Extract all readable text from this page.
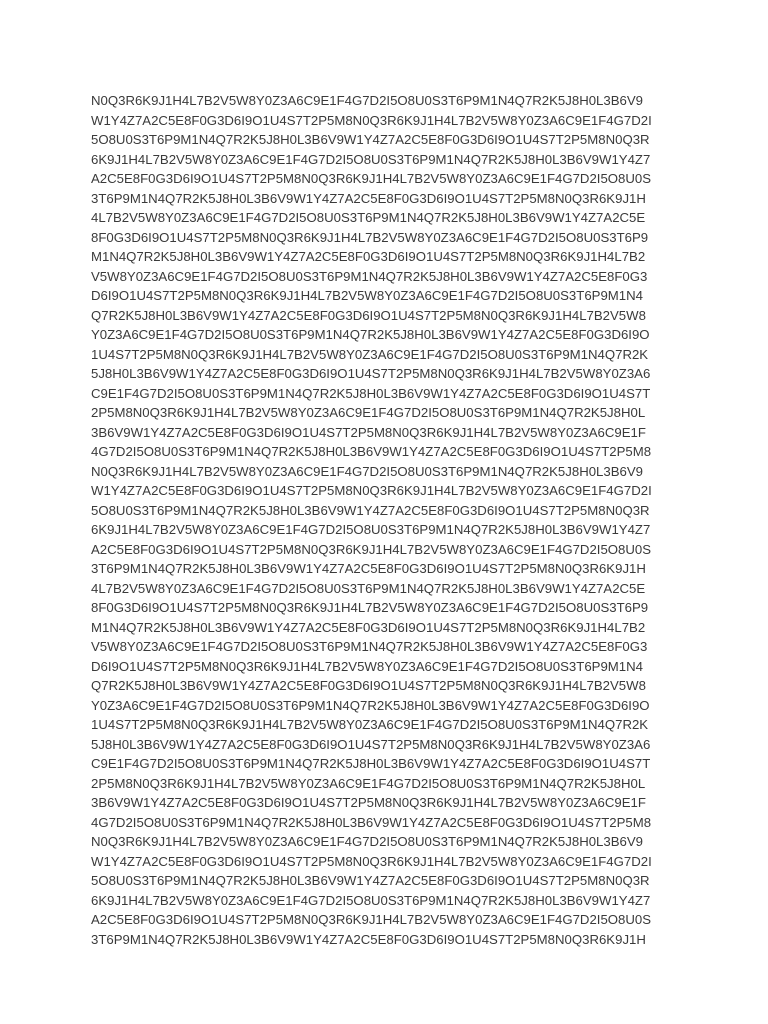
N0Q3R6K9J1H4L7B2V5W8Y0Z3A6C9E1F4G7D2I5O8U0S3T6P9M1N4Q7R2K5J8H0L3B6V9
W1Y4Z7A2C5E8F0G3D6I9O1U4S7T2P5M8N0Q3R6K9J1H4L7B2V5W8Y0Z3A6C9E1F4G7D2I
5O8U0S3T6P9M1N4Q7R2K5J8H0L3B6V9W1Y4Z7A2C5E8F0G3D6I9O1U4S7T2P5M8N0Q3R
6K9J1H4L7B2V5W8Y0Z3A6C9E1F4G7D2I5O8U0S3T6P9M1N4Q7R2K5J8H0L3B6V9W1Y4Z7
A2C5E8F0G3D6I9O1U4S7T2P5M8N0Q3R6K9J1H4L7B2V5W8Y0Z3A6C9E1F4G7D2I5O8U0S
3T6P9M1N4Q7R2K5J8H0L3B6V9W1Y4Z7A2C5E8F0G3D6I9O1U4S7T2P5M8N0Q3R6K9J1H
4L7B2V5W8Y0Z3A6C9E1F4G7D2I5O8U0S3T6P9M1N4Q7R2K5J8H0L3B6V9W1Y4Z7A2C5E
8F0G3D6I9O1U4S7T2P5M8N0Q3R6K9J1H4L7B2V5W8Y0Z3A6C9E1F4G7D2I5O8U0S3T6P9
M1N4Q7R2K5J8H0L3B6V9W1Y4Z7A2C5E8F0G3D6I9O1U4S7T2P5M8N0Q3R6K9J1H4L7B2
V5W8Y0Z3A6C9E1F4G7D2I5O8U0S3T6P9M1N4Q7R2K5J8H0L3B6V9W1Y4Z7A2C5E8F0G3
D6I9O1U4S7T2P5M8N0Q3R6K9J1H4L7B2V5W8Y0Z3A6C9E1F4G7D2I5O8U0S3T6P9M1N4
Q7R2K5J8H0L3B6V9W1Y4Z7A2C5E8F0G3D6I9O1U4S7T2P5M8N0Q3R6K9J1H4L7B2V5W8
Y0Z3A6C9E1F4G7D2I5O8U0S3T6P9M1N4Q7R2K5J8H0L3B6V9W1Y4Z7A2C5E8F0G3D6I9O
1U4S7T2P5M8N0Q3R6K9J1H4L7B2V5W8Y0Z3A6C9E1F4G7D2I5O8U0S3T6P9M1N4Q7R2K
5J8H0L3B6V9W1Y4Z7A2C5E8F0G3D6I9O1U4S7T2P5M8N0Q3R6K9J1H4L7B2V5W8Y0Z3A6
C9E1F4G7D2I5O8U0S3T6P9M1N4Q7R2K5J8H0L3B6V9W1Y4Z7A2C5E8F0G3D6I9O1U4S7T
2P5M8N0Q3R6K9J1H4L7B2V5W8Y0Z3A6C9E1F4G7D2I5O8U0S3T6P9M1N4Q7R2K5J8H0L
3B6V9W1Y4Z7A2C5E8F0G3D6I9O1U4S7T2P5M8N0Q3R6K9J1H4L7B2V5W8Y0Z3A6C9E1F
4G7D2I5O8U0S3T6P9M1N4Q7R2K5J8H0L3B6V9W1Y4Z7A2C5E8F0G3D6I9O1U4S7T2P5M8
N0Q3R6K9J1H4L7B2V5W8Y0Z3A6C9E1F4G7D2I5O8U0S3T6P9M1N4Q7R2K5J8H0L3B6V9
W1Y4Z7A2C5E8F0G3D6I9O1U4S7T2P5M8N0Q3R6K9J1H4L7B2V5W8Y0Z3A6C9E1F4G7D2I
5O8U0S3T6P9M1N4Q7R2K5J8H0L3B6V9W1Y4Z7A2C5E8F0G3D6I9O1U4S7T2P5M8N0Q3R
6K9J1H4L7B2V5W8Y0Z3A6C9E1F4G7D2I5O8U0S3T6P9M1N4Q7R2K5J8H0L3B6V9W1Y4Z7
A2C5E8F0G3D6I9O1U4S7T2P5M8N0Q3R6K9J1H4L7B2V5W8Y0Z3A6C9E1F4G7D2I5O8U0S
3T6P9M1N4Q7R2K5J8H0L3B6V9W1Y4Z7A2C5E8F0G3D6I9O1U4S7T2P5M8N0Q3R6K9J1H
4L7B2V5W8Y0Z3A6C9E1F4G7D2I5O8U0S3T6P9M1N4Q7R2K5J8H0L3B6V9W1Y4Z7A2C5E
8F0G3D6I9O1U4S7T2P5M8N0Q3R6K9J1H4L7B2V5W8Y0Z3A6C9E1F4G7D2I5O8U0S3T6P9
M1N4Q7R2K5J8H0L3B6V9W1Y4Z7A2C5E8F0G3D6I9O1U4S7T2P5M8N0Q3R6K9J1H4L7B2
V5W8Y0Z3A6C9E1F4G7D2I5O8U0S3T6P9M1N4Q7R2K5J8H0L3B6V9W1Y4Z7A2C5E8F0G3
D6I9O1U4S7T2P5M8N0Q3R6K9J1H4L7B2V5W8Y0Z3A6C9E1F4G7D2I5O8U0S3T6P9M1N4
Q7R2K5J8H0L3B6V9W1Y4Z7A2C5E8F0G3D6I9O1U4S7T2P5M8N0Q3R6K9J1H4L7B2V5W8
Y0Z3A6C9E1F4G7D2I5O8U0S3T6P9M1N4Q7R2K5J8H0L3B6V9W1Y4Z7A2C5E8F0G3D6I9O
1U4S7T2P5M8N0Q3R6K9J1H4L7B2V5W8Y0Z3A6C9E1F4G7D2I5O8U0S3T6P9M1N4Q7R2K
5J8H0L3B6V9W1Y4Z7A2C5E8F0G3D6I9O1U4S7T2P5M8N0Q3R6K9J1H4L7B2V5W8Y0Z3A6
C9E1F4G7D2I5O8U0S3T6P9M1N4Q7R2K5J8H0L3B6V9W1Y4Z7A2C5E8F0G3D6I9O1U4S7T
2P5M8N0Q3R6K9J1H4L7B2V5W8Y0Z3A6C9E1F4G7D2I5O8U0S3T6P9M1N4Q7R2K5J8H0L
3B6V9W1Y4Z7A2C5E8F0G3D6I9O1U4S7T2P5M8N0Q3R6K9J1H4L7B2V5W8Y0Z3A6C9E1F
4G7D2I5O8U0S3T6P9M1N4Q7R2K5J8H0L3B6V9W1Y4Z7A2C5E8F0G3D6I9O1U4S7T2P5M8
N0Q3R6K9J1H4L7B2V5W8Y0Z3A6C9E1F4G7D2I5O8U0S3T6P9M1N4Q7R2K5J8H0L3B6V9
W1Y4Z7A2C5E8F0G3D6I9O1U4S7T2P5M8N0Q3R6K9J1H4L7B2V5W8Y0Z3A6C9E1F4G7D2I
5O8U0S3T6P9M1N4Q7R2K5J8H0L3B6V9W1Y4Z7A2C5E8F0G3D6I9O1U4S7T2P5M8N0Q3R
6K9J1H4L7B2V5W8Y0Z3A6C9E1F4G7D2I5O8U0S3T6P9M1N4Q7R2K5J8H0L3B6V9W1Y4Z7
A2C5E8F0G3D6I9O1U4S7T2P5M8N0Q3R6K9J1H4L7B2V5W8Y0Z3A6C9E1F4G7D2I5O8U0S
3T6P9M1N4Q7R2K5J8H0L3B6V9W1Y4Z7A2C5E8F0G3D6I9O1U4S7T2P5M8N0Q3R6K9J1H
